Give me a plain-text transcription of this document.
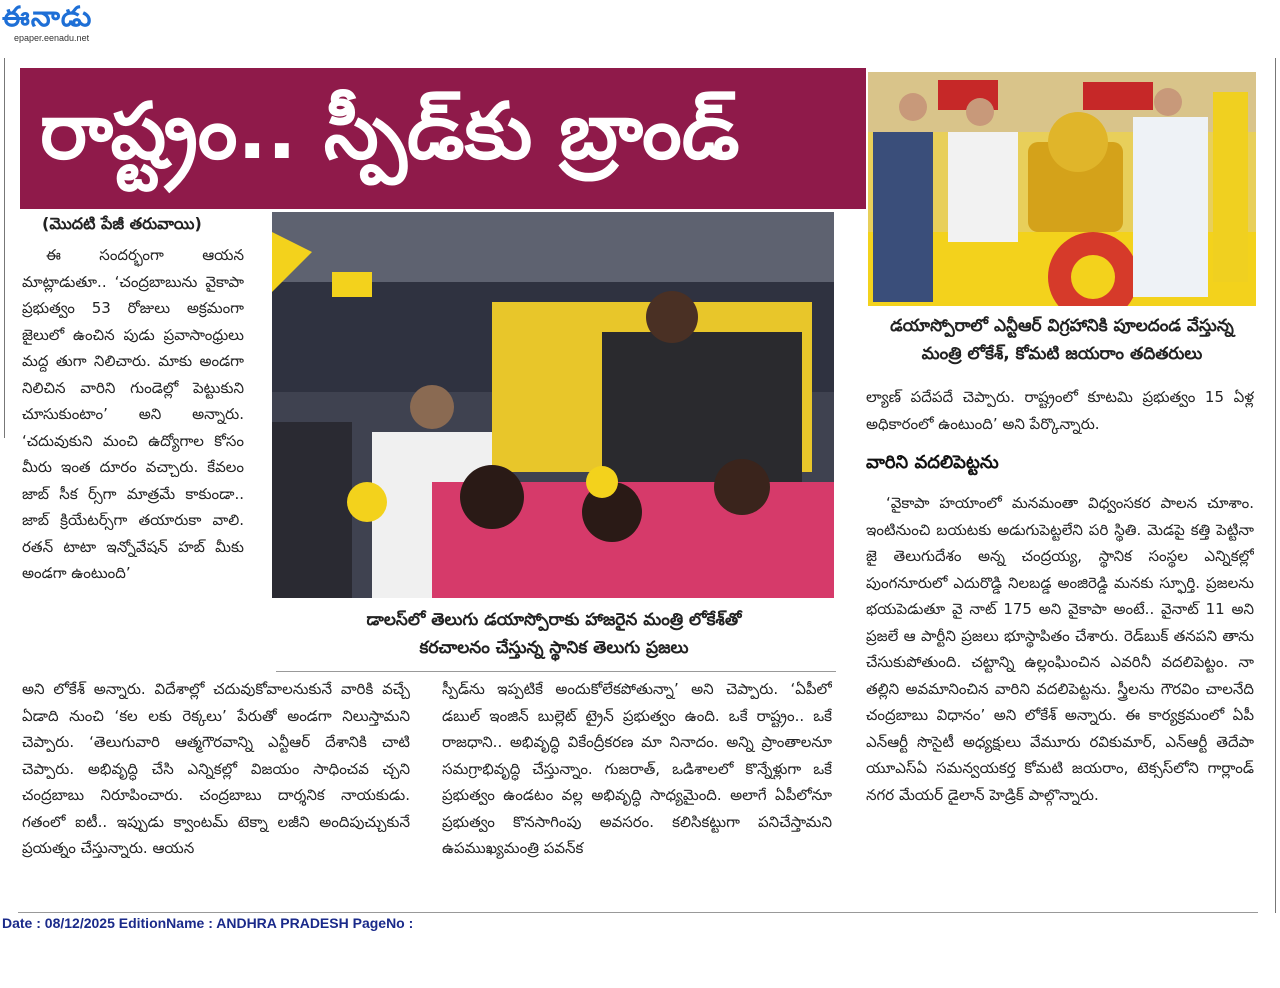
ఈనాడు
epaper.eenadu.net
రాష్ట్రం.. స్పీడ్‌కు బ్రాండ్‌
డయాస్పోరాలో ఎన్టీఆర్‌ విగ్రహానికి పూలదండ వేస్తున్న
మంత్రి లోకేశ్‌, కోమటి జయరాం తదితరులు
డాలస్‌లో తెలుగు డయాస్పోరాకు హాజరైన మంత్రి లోకేశ్‌తో
కరచాలనం చేస్తున్న స్థానిక తెలుగు ప్రజలు
(మొదటి పేజీ తరువాయి)

ఈ సందర్భంగా ఆయన మాట్లాడుతూ.. ‘చంద్రబాబును వైకాపా ప్రభుత్వం 53 రోజులు అక్రమంగా జైలులో ఉంచిన పుడు ప్రవాసాంధ్రులు మద్ద తుగా నిలిచారు. మాకు అండగా నిలిచిన వారిని గుండెల్లో పెట్టుకుని చూసుకుంటాం’ అని అన్నారు. ‘చదువుకుని మంచి ఉద్యోగాల కోసం మీరు ఇంత దూరం వచ్చారు. కేవలం జాబ్‌ సీక ర్స్‌గా మాత్రమే కాకుండా.. జాబ్‌ క్రియేటర్స్‌గా తయారుకా వాలి. రతన్‌ టాటా ఇన్నోవేషన్‌ హబ్‌ మీకు అండగా ఉంటుంది’

అని లోకేశ్‌ అన్నారు. విదేశాల్లో చదువుకోవాలనుకునే వారికి వచ్చే ఏడాది నుంచి ‘కల లకు రెక్కలు’ పేరుతో అండగా నిలుస్తామని చెప్పారు. ‘తెలుగువారి ఆత్మగౌరవాన్ని ఎన్టీఆర్‌ దేశానికి చాటి చెప్పారు. అభివృద్ధి చేసి ఎన్నికల్లో విజయం సాధించవ చ్చని చంద్రబాబు నిరూపించారు. చంద్రబాబు దార్శనిక నాయకుడు. గతంలో ఐటీ.. ఇప్పుడు క్వాంటమ్‌ టెక్నా లజీని అందిపుచ్చుకునే ప్రయత్నం చేస్తున్నారు. ఆయన

స్పీడ్‌ను ఇప్పటికే అందుకోలేకపోతున్నా’ అని చెప్పారు. ‘ఏపీలో డబుల్‌ ఇంజిన్‌ బుల్లెట్‌ ట్రైన్‌ ప్రభుత్వం ఉంది. ఒకే రాష్ట్రం.. ఒకే రాజధాని.. అభివృద్ధి వికేంద్రీకరణ మా నినాదం. అన్ని ప్రాంతాలనూ సమగ్రాభివృద్ధి చేస్తున్నాం. గుజరాత్‌, ఒడిశాలలో కొన్నేళ్లుగా ఒకే ప్రభుత్వం ఉండటం వల్ల అభివృద్ధి సాధ్యమైంది. అలాగే ఏపీలోనూ ప్రభుత్వం కొనసాగింపు అవసరం. కలిసికట్టుగా పనిచేస్తామని ఉపముఖ్యమంత్రి పవన్‌క

ల్యాణ్‌ పదేపదే చెప్పారు. రాష్ట్రంలో కూటమి ప్రభుత్వం 15 ఏళ్ల అధికారంలో ఉంటుంది’ అని పేర్కొన్నారు.

వారిని వదలిపెట్టను

‘వైకాపా హయాంలో మనమంతా విధ్వంసకర పాలన చూశాం. ఇంటినుంచి బయటకు అడుగుపెట్టలేని పరి స్థితి. మెడపై కత్తి పెట్టినా జై తెలుగుదేశం అన్న చంద్రయ్య, స్థానిక సంస్థల ఎన్నికల్లో పుంగనూరులో ఎదురొడ్డి నిలబడ్డ అంజిరెడ్డి మనకు స్ఫూర్తి. ప్రజలను భయపెడుతూ వై నాట్‌ 175 అని వైకాపా అంటే.. వైనాట్‌ 11 అని ప్రజలే ఆ పార్టీని ప్రజలు భూస్థాపితం చేశారు. రెడ్‌బుక్‌ తనపని తాను చేసుకుపోతుంది. చట్టాన్ని ఉల్లంఘించిన ఎవరినీ వదలిపెట్టం. నా తల్లిని అవమానించిన వారిని వదలిపెట్టను. స్త్రీలను గౌరవిం చాలనేది చంద్రబాబు విధానం’ అని లోకేశ్‌ అన్నారు. ఈ కార్యక్రమంలో ఏపీ ఎన్‌ఆర్టీ సొసైటీ అధ్యక్షులు వేమూరు రవికుమార్‌, ఎన్‌ఆర్టీ తెదేపా యూఎస్‌ఏ సమన్వయకర్త కోమటి జయరాం, టెక్సస్‌లోని గార్లాండ్‌ నగర మేయర్‌ డైలాన్‌ హెడ్రిక్‌ పాల్గొన్నారు.

Date : 08/12/2025 EditionName : ANDHRA PRADESH PageNo :
